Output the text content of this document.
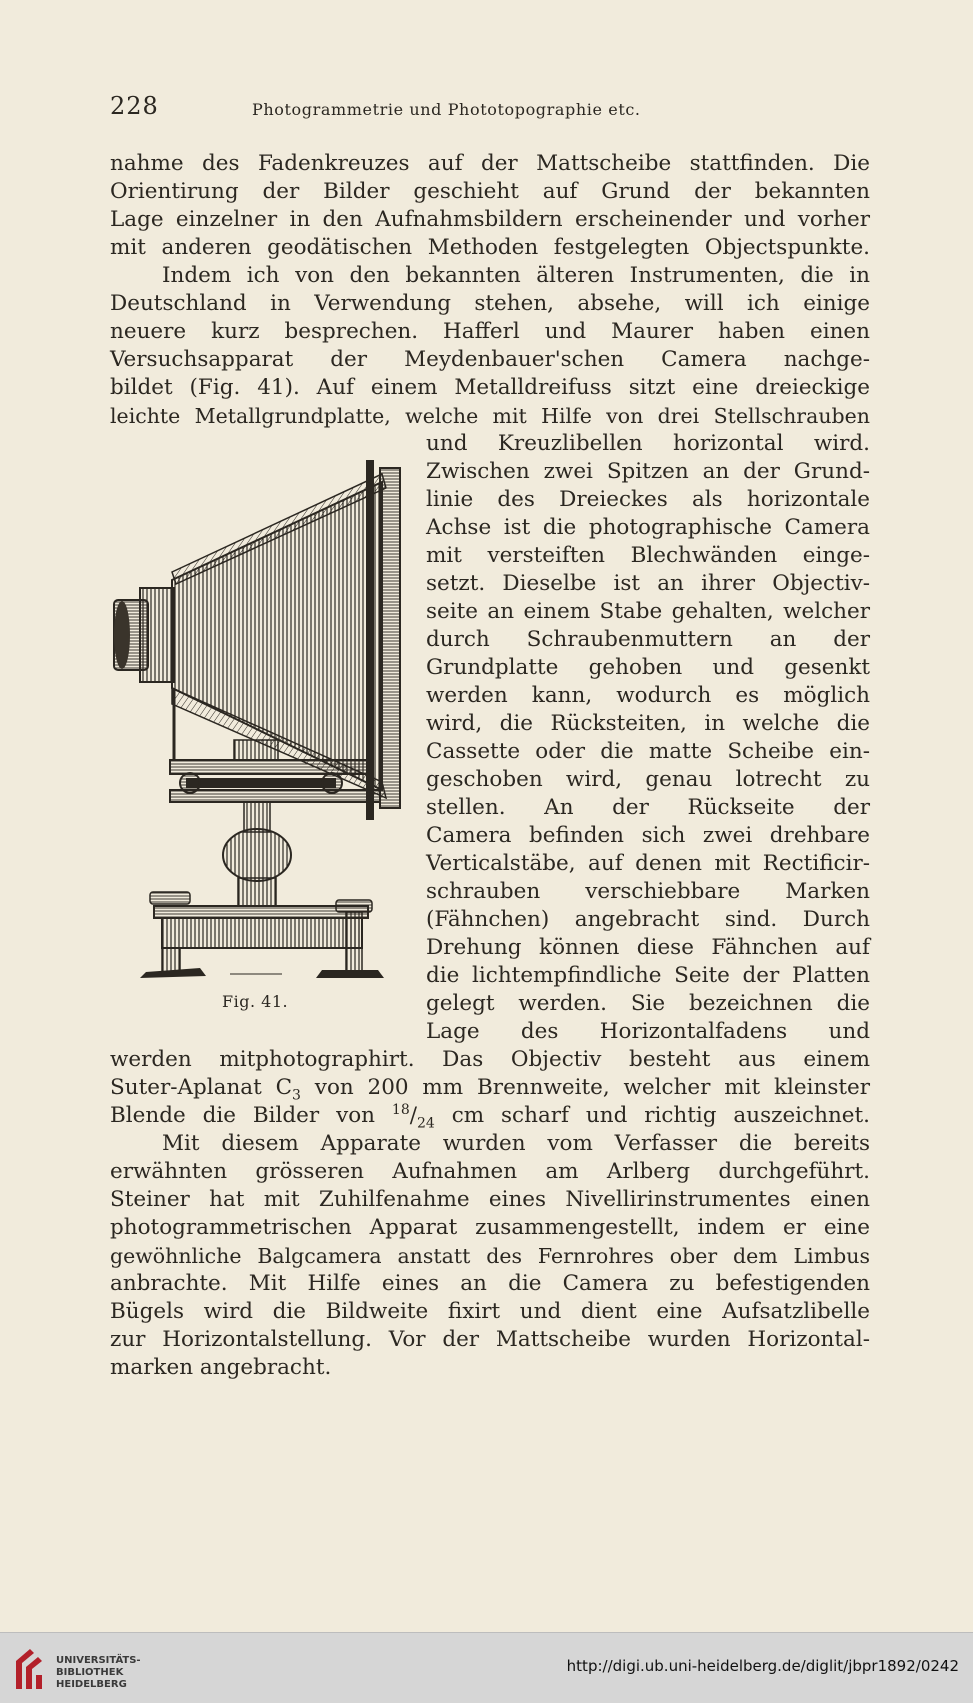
228	Photogrammetrie und Phototopographie etc.
nahme des Fadenkreuzes auf der Mattscheibe stattfinden. Die
Orientirung der Bilder geschieht auf Grund der bekannten
Lage einzelner in den Aufnahmsbildern erscheinender und vorher
mit anderen geodätischen Methoden festgelegten Objectspunkte.
Indem ich von den bekannten älteren Instrumenten, die in
Deutschland in Verwendung stehen, absehe, will ich einige
neuere kurz besprechen. Hafferl und Maurer haben einen
Versuchsapparat der Meydenbauer'schen Camera nachge-
bildet (Fig. 41). Auf einem Metalldreifuss sitzt eine dreieckige
leichte Metallgrundplatte, welche mit Hilfe von drei Stellschrauben
und Kreuzlibellen horizontal wird.
Zwischen zwei Spitzen an der Grund-
linie des Dreieckes als horizontale
Achse ist die photographische Camera
mit versteiften Blechwänden einge-
setzt. Dieselbe ist an ihrer Objectiv-
seite an einem Stabe gehalten, welcher
durch Schraubenmuttern an der
Grundplatte gehoben und gesenkt
werden kann, wodurch es möglich
wird, die Rücksteiten, in welche die
Cassette oder die matte Scheibe ein-
geschoben wird, genau lotrecht zu
stellen. An der Rückseite der
Camera befinden sich zwei drehbare
Verticalstäbe, auf denen mit Rectificir-
schrauben verschiebbare Marken
(Fähnchen) angebracht sind. Durch
Drehung können diese Fähnchen auf
die lichtempfindliche Seite der Platten
gelegt werden. Sie bezeichnen die
Lage des Horizontalfadens und
Fig. 41.
werden mitphotographirt. Das Objectiv besteht aus einem
Suter-Aplanat $C_3$ von 200 mm Brennweite, welcher mit kleinster
Blende die Bilder von $^{18}/_{24}$ cm scharf und richtig auszeichnet.
Mit diesem Apparate wurden vom Verfasser die bereits
erwähnten grösseren Aufnahmen am Arlberg durchgeführt.
Steiner hat mit Zuhilfenahme eines Nivellirinstrumentes einen
photogrammetrischen Apparat zusammengestellt, indem er eine
gewöhnliche Balgcamera anstatt des Fernrohres ober dem Limbus
anbrachte. Mit Hilfe eines an die Camera zu befestigenden
Bügels wird die Bildweite fixirt und dient eine Aufsatzlibelle
zur Horizontalstellung. Vor der Mattscheibe wurden Horizontal-
marken angebracht.
UNIVERSITÄTS-
BIBLIOTHEK
HEIDELBERG
http://digi.ub.uni-heidelberg.de/diglit/jbpr1892/0242
